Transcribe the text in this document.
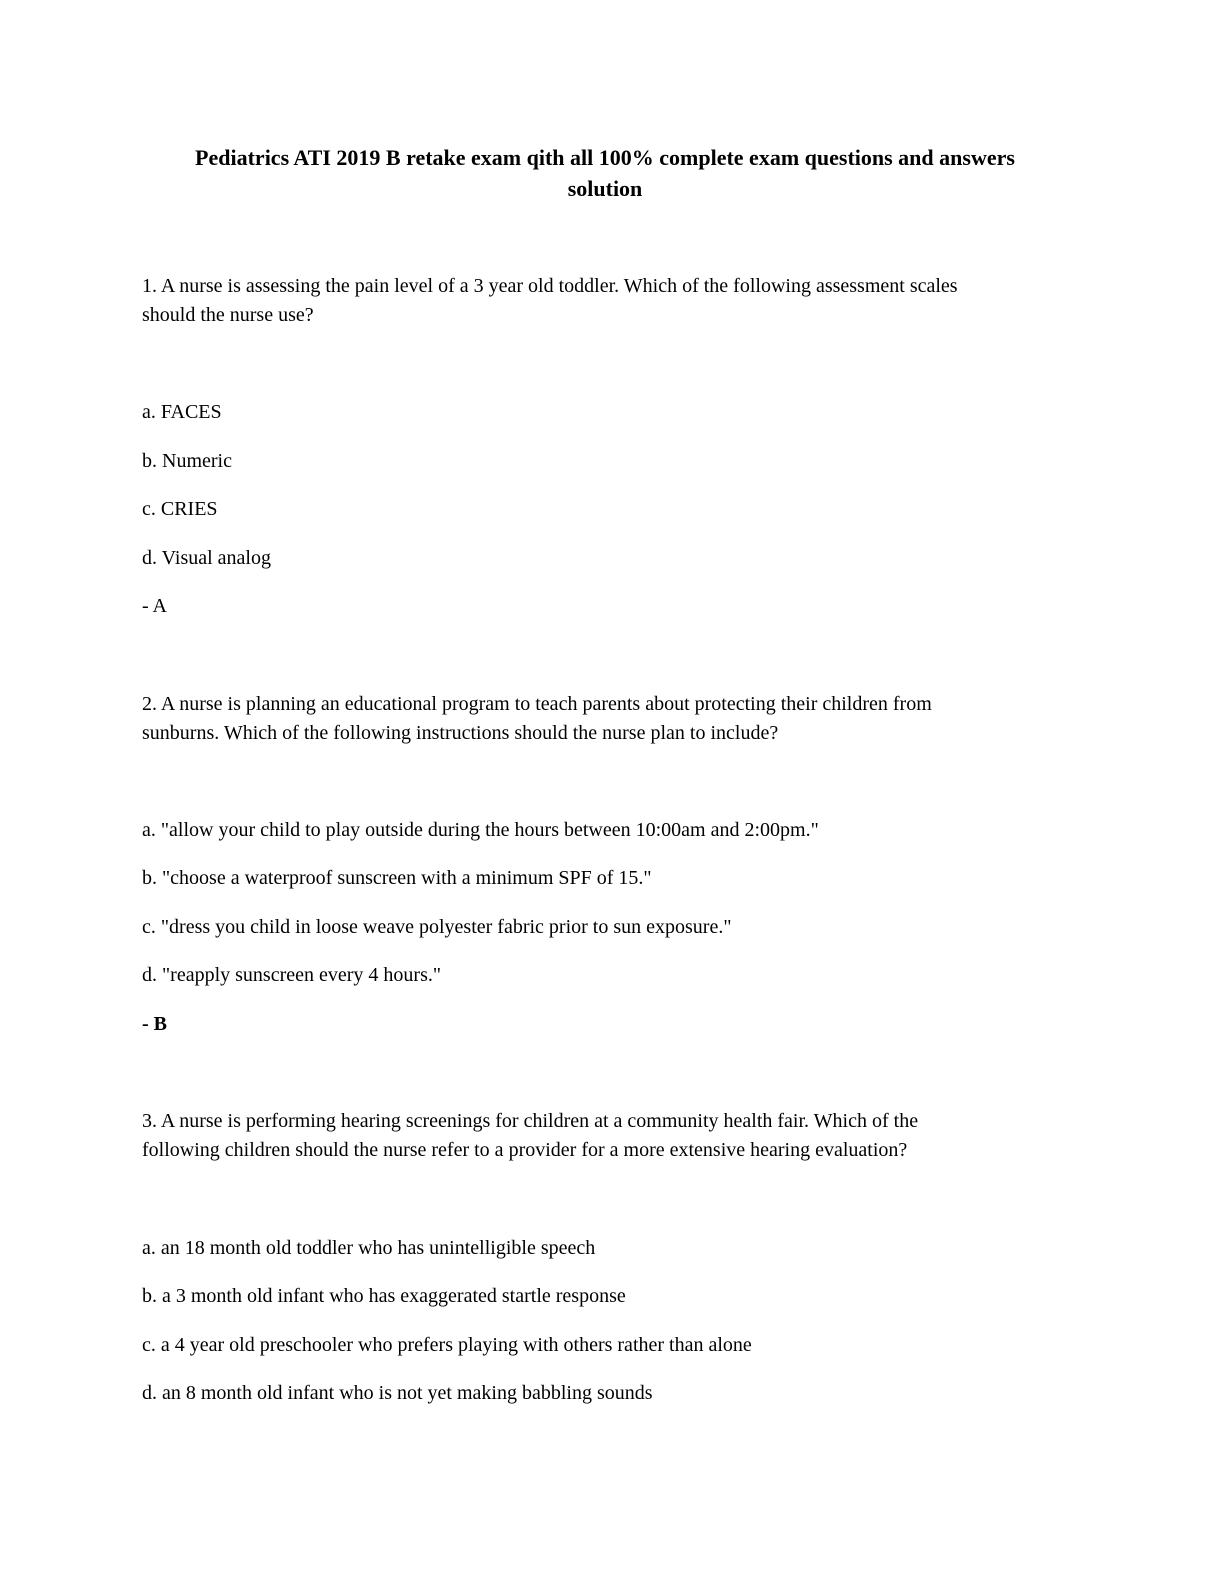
Pediatrics ATI 2019 B retake exam qith all 100% complete exam questions and answers
solution
1. A nurse is assessing the pain level of a 3 year old toddler. Which of the following assessment scales
should the nurse use?
a. FACES
b. Numeric
c. CRIES
d. Visual analog
- A
2. A nurse is planning an educational program to teach parents about protecting their children from
sunburns. Which of the following instructions should the nurse plan to include?
a. "allow your child to play outside during the hours between 10:00am and 2:00pm."
b. "choose a waterproof sunscreen with a minimum SPF of 15."
c. "dress you child in loose weave polyester fabric prior to sun exposure."
d. "reapply sunscreen every 4 hours."
- B
3. A nurse is performing hearing screenings for children at a community health fair. Which of the
following children should the nurse refer to a provider for a more extensive hearing evaluation?
a. an 18 month old toddler who has unintelligible speech
b. a 3 month old infant who has exaggerated startle response
c. a 4 year old preschooler who prefers playing with others rather than alone
d. an 8 month old infant who is not yet making babbling sounds
